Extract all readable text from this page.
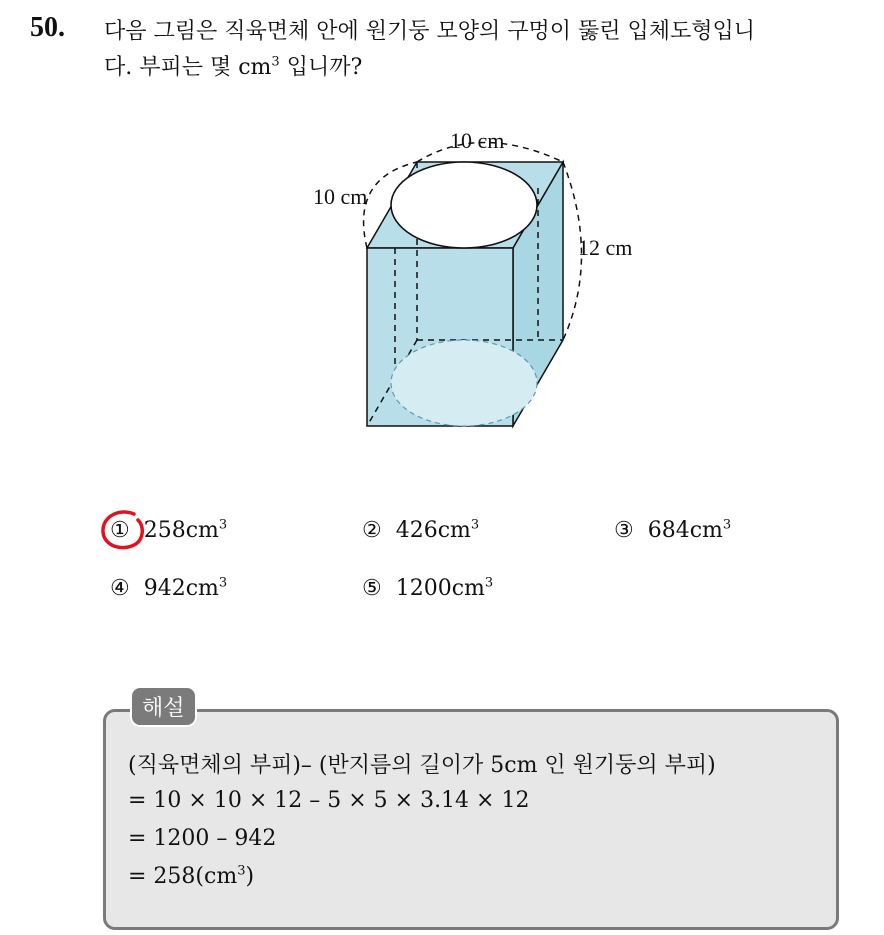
50. 다음 그림은 직육면체 안에 원기둥 모양의 구멍이 뚫린 입체도형입니
다. 부피는 몇 $cm^3$ 입니까?
10 cm
10 cm
12 cm
① $258cm^3$	② $426cm^3$	③ $684cm^3$
④ $942cm^3$	⑤ $1200cm^3$
해설
(직육면체의 부피)– (반지름의 길이가 5cm 인 원기둥의 부피)
= 10 × 10 × 12 – 5 × 5 × 3.14 × 12
= 1200 – 942
= $258(cm^3)$
